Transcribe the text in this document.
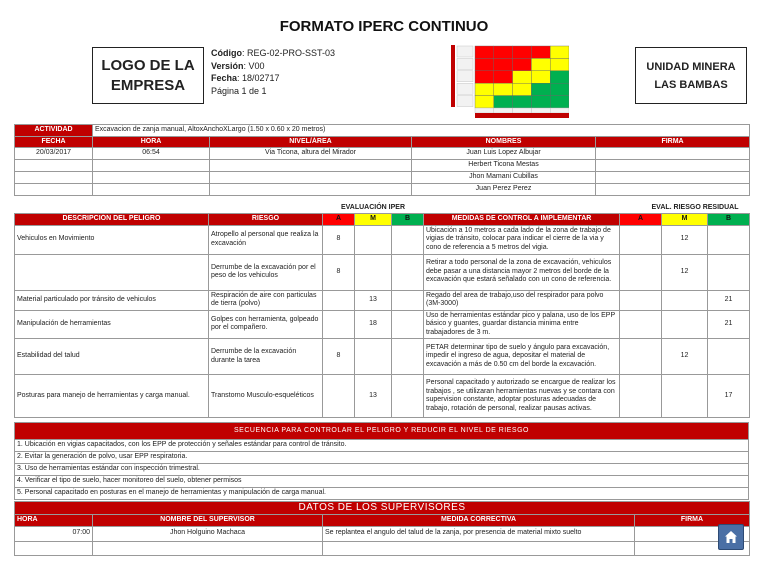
FORMATO IPERC CONTINUO
LOGO DE LA EMPRESA
Código: REG-02-PRO-SST-03
Versión: V00
Fecha: 18/02717
Página 1 de 1
UNIDAD MINERA LAS BAMBAS
ACTIVIDAD	Excavacion de zanja manual, AltoxAnchoXLargo (1.50 x 0.60 x 20 metros)			
FECHA	HORA	NIVEL/ÁREA	NOMBRES	FIRMA
20/03/2017	06:54	Via Ticona, altura del Mirador	Juan Luis Lopez Albujar	
			Herbert Ticona Mestas	
			Jhon Mamani Cubillas	
			Juan Perez Perez	
EVALUACIÓN IPER	EVAL. RIESGO RESIDUAL
DESCRIPCIÓN DEL PELIGRO	RIESGO	A	M	B	MEDIDAS DE CONTROL A IMPLEMENTAR	A	M	B
Vehiculos en Movimiento	Atropello al personal que realiza la excavación	8			Ubicación a 10 metros a cada lado de la zona de trabajo de vigias de tránsito, colocar para indicar el cierre de la via y cono de referencia a 5 metros del vigia.		12	
	Derrumbe de la excavación por el peso de los vehiculos	8			Retirar a todo personal de la zona de excavación, vehiculos debe pasar a una distancia mayor 2 metros del borde de la excavación que estará señalado con un cono de referencia.		12	
Material particulado por tránsito de vehiculos	Respiración de aire con particulas de tierra (polvo)		13		Regado del area de trabajo,uso del respirador para polvo (3M-3000)			21
Manipulación de herramientas	Golpes con herramienta, golpeado por el compañero.		18		Uso de herramientas estándar pico y palana, uso de los EPP básico y guantes, guardar distancia minima entre trabajadores de 3 m.			21
Estabilidad del talud	Derrumbe de la excavación durante la tarea	8			PETAR determinar tipo de suelo y ángulo para excavación, impedir el ingreso de agua, depositar el material de excavación a más de 0.50 cm del borde la excavación.		12	
Posturas para manejo de herramientas y carga manual.	Transtorno Musculo-esqueléticos		13		Personal capacitado y autorizado se encargue de realizar los trabajos , se utilizaran herramientas nuevas y se contara con supervision constante, adoptar posturas adecuadas de trabajo, rotación de personal, realizar pausas activas.			17
SECUENCIA PARA CONTROLAR EL PELIGRO Y REDUCIR EL NIVEL DE RIESGO
1. Ubicación en vigias capacitados, con los EPP de protección y señales estándar para control de tránsito.
2. Evitar la generación de polvo, usar EPP respiratoria.
3. Uso de herramientas estándar con inspección trimestral.
4. Verificar el tipo de suelo, hacer monitoreo del suelo, obtener permisos
5. Personal capacitado en posturas en el manejo de herramientas y manipulación de carga manual.
DATOS DE LOS SUPERVISORES			
HORA	NOMBRE DEL SUPERVISOR	MEDIDA CORRECTIVA	FIRMA
07:00	Jhon Holguino Machaca	Se replantea el angulo del talud de la zanja, por presencia de material mixto suelto	
